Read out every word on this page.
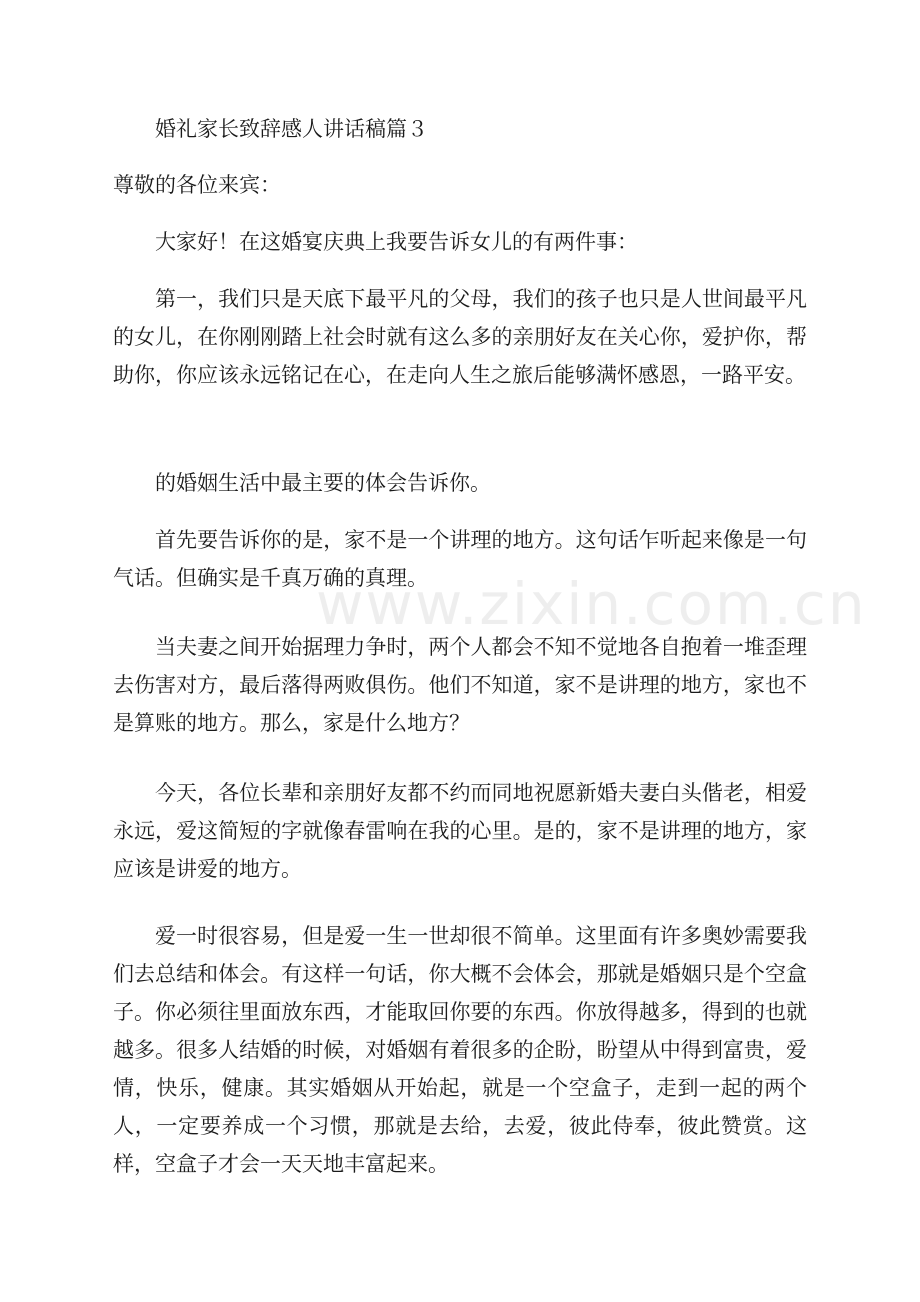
婚礼家长致辞感人讲话稿篇３

尊敬的各位来宾：

大家好！在这婚宴庆典上我要告诉女儿的有两件事：

第一，我们只是天底下最平凡的父母，我们的孩子也只是人世间最平凡的女儿，在你刚刚踏上社会时就有这么多的亲朋好友在关心你，爱护你，帮助你，你应该永远铭记在心，在走向人生之旅后能够满怀感恩，一路平安。

的婚姻生活中最主要的体会告诉你。

首先要告诉你的是，家不是一个讲理的地方。这句话乍听起来像是一句气话。但确实是千真万确的真理。

当夫妻之间开始据理力争时，两个人都会不知不觉地各自抱着一堆歪理去伤害对方，最后落得两败俱伤。他们不知道，家不是讲理的地方，家也不是算账的地方。那么，家是什么地方？

今天，各位长辈和亲朋好友都不约而同地祝愿新婚夫妻白头偕老，相爱永远，爱这简短的字就像春雷响在我的心里。是的，家不是讲理的地方，家应该是讲爱的地方。

爱一时很容易，但是爱一生一世却很不简单。这里面有许多奥妙需要我们去总结和体会。有这样一句话，你大概不会体会，那就是婚姻只是个空盒子。你必须往里面放东西，才能取回你要的东西。你放得越多，得到的也就越多。很多人结婚的时候，对婚姻有着很多的企盼，盼望从中得到富贵，爱情，快乐，健康。其实婚姻从开始起，就是一个空盒子，走到一起的两个人，一定要养成一个习惯，那就是去给，去爱，彼此侍奉，彼此赞赏。这样，空盒子才会一天天地丰富起来。

www.zixin.com.cn
